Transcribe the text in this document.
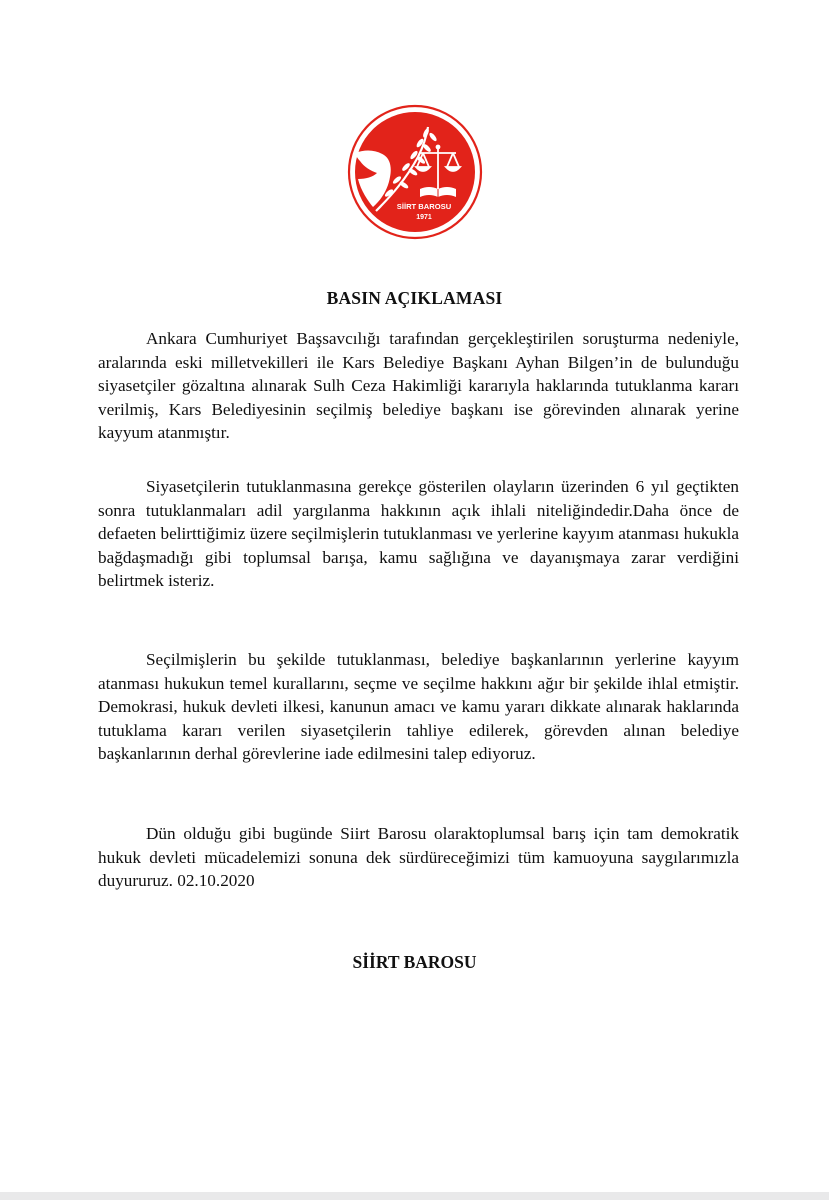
SİİRT BAROSU
1971
BASIN AÇIKLAMASI

Ankara Cumhuriyet Başsavcılığı tarafından gerçekleştirilen soruşturma nedeniyle, aralarında eski milletvekilleri ile Kars Belediye Başkanı Ayhan Bilgen’in de bulunduğu siyasetçiler gözaltına alınarak Sulh Ceza Hakimliği kararıyla haklarında tutuklanma kararı verilmiş, Kars Belediyesinin seçilmiş belediye başkanı ise görevinden alınarak yerine kayyum atanmıştır.

Siyasetçilerin tutuklanmasına gerekçe gösterilen olayların üzerinden 6 yıl geçtikten sonra tutuklanmaları adil yargılanma hakkının açık ihlali niteliğindedir.Daha önce de defaeten belirttiğimiz üzere seçilmişlerin tutuklanması ve yerlerine kayyım atanması hukukla bağdaşmadığı gibi toplumsal barışa, kamu sağlığına ve dayanışmaya zarar verdiğini belirtmek isteriz.

Seçilmişlerin bu şekilde tutuklanması, belediye başkanlarının yerlerine kayyım atanması hukukun temel kurallarını, seçme ve seçilme hakkını ağır bir şekilde ihlal etmiştir. Demokrasi, hukuk devleti ilkesi, kanunun amacı ve kamu yararı dikkate alınarak haklarında tutuklama kararı verilen siyasetçilerin tahliye edilerek, görevden alınan belediye başkanlarının derhal görevlerine iade edilmesini talep ediyoruz.

Dün olduğu gibi bugünde Siirt Barosu olaraktoplumsal barış için tam demokratik hukuk devleti mücadelemizi sonuna dek sürdüreceğimizi tüm kamuoyuna saygılarımızla duyururuz. 02.10.2020

SİİRT BAROSU
